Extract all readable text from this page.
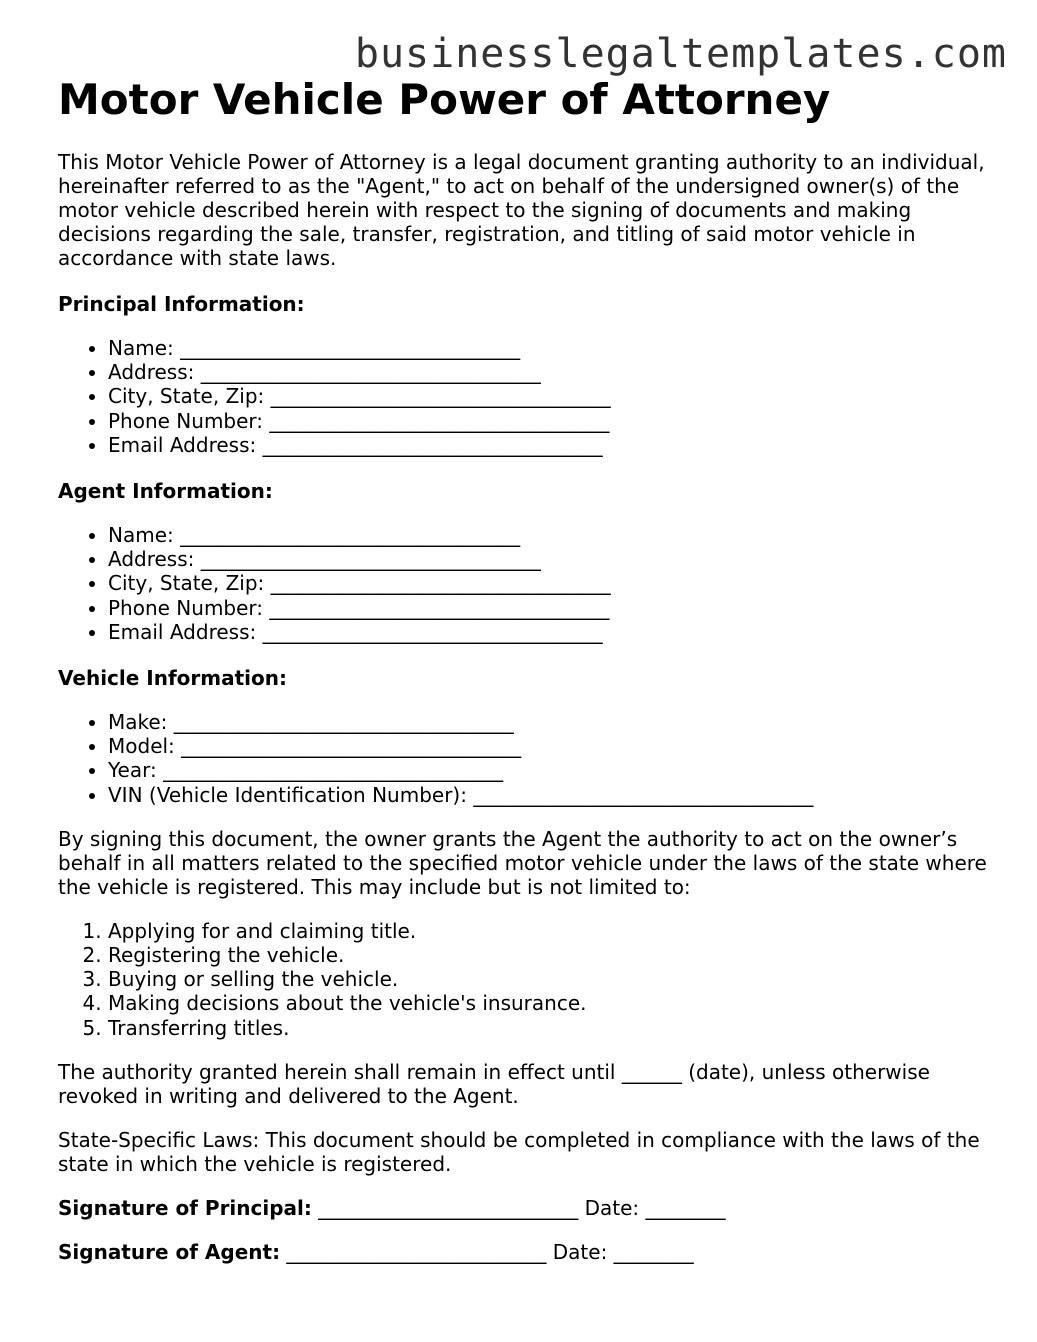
businesslegaltemplates.com
Motor Vehicle Power of Attorney

This Motor Vehicle Power of Attorney is a legal document granting authority to an individual, hereinafter referred to as the "Agent," to act on behalf of the undersigned owner(s) of the motor vehicle described herein with respect to the signing of documents and making decisions regarding the sale, transfer, registration, and titling of said motor vehicle in accordance with state laws.

Principal Information:
• Name: __________________________________
• Address: __________________________________
• City, State, Zip: __________________________________
• Phone Number: __________________________________
• Email Address: __________________________________
Agent Information:
• Name: __________________________________
• Address: __________________________________
• City, State, Zip: __________________________________
• Phone Number: __________________________________
• Email Address: __________________________________
Vehicle Information:
• Make: __________________________________
• Model: __________________________________
• Year: __________________________________
• VIN (Vehicle Identification Number): __________________________________

By signing this document, the owner grants the Agent the authority to act on the owner’s behalf in all matters related to the specified motor vehicle under the laws of the state where the vehicle is registered. This may include but is not limited to:

1. Applying for and claiming title.
2. Registering the vehicle.
3. Buying or selling the vehicle.
4. Making decisions about the vehicle's insurance.
5. Transferring titles.

The authority granted herein shall remain in effect until ______ (date), unless otherwise revoked in writing and delivered to the Agent.

State-Specific Laws: This document should be completed in compliance with the laws of the state in which the vehicle is registered.

Signature of Principal: __________________________ Date: ________
Signature of Agent: __________________________ Date: ________
